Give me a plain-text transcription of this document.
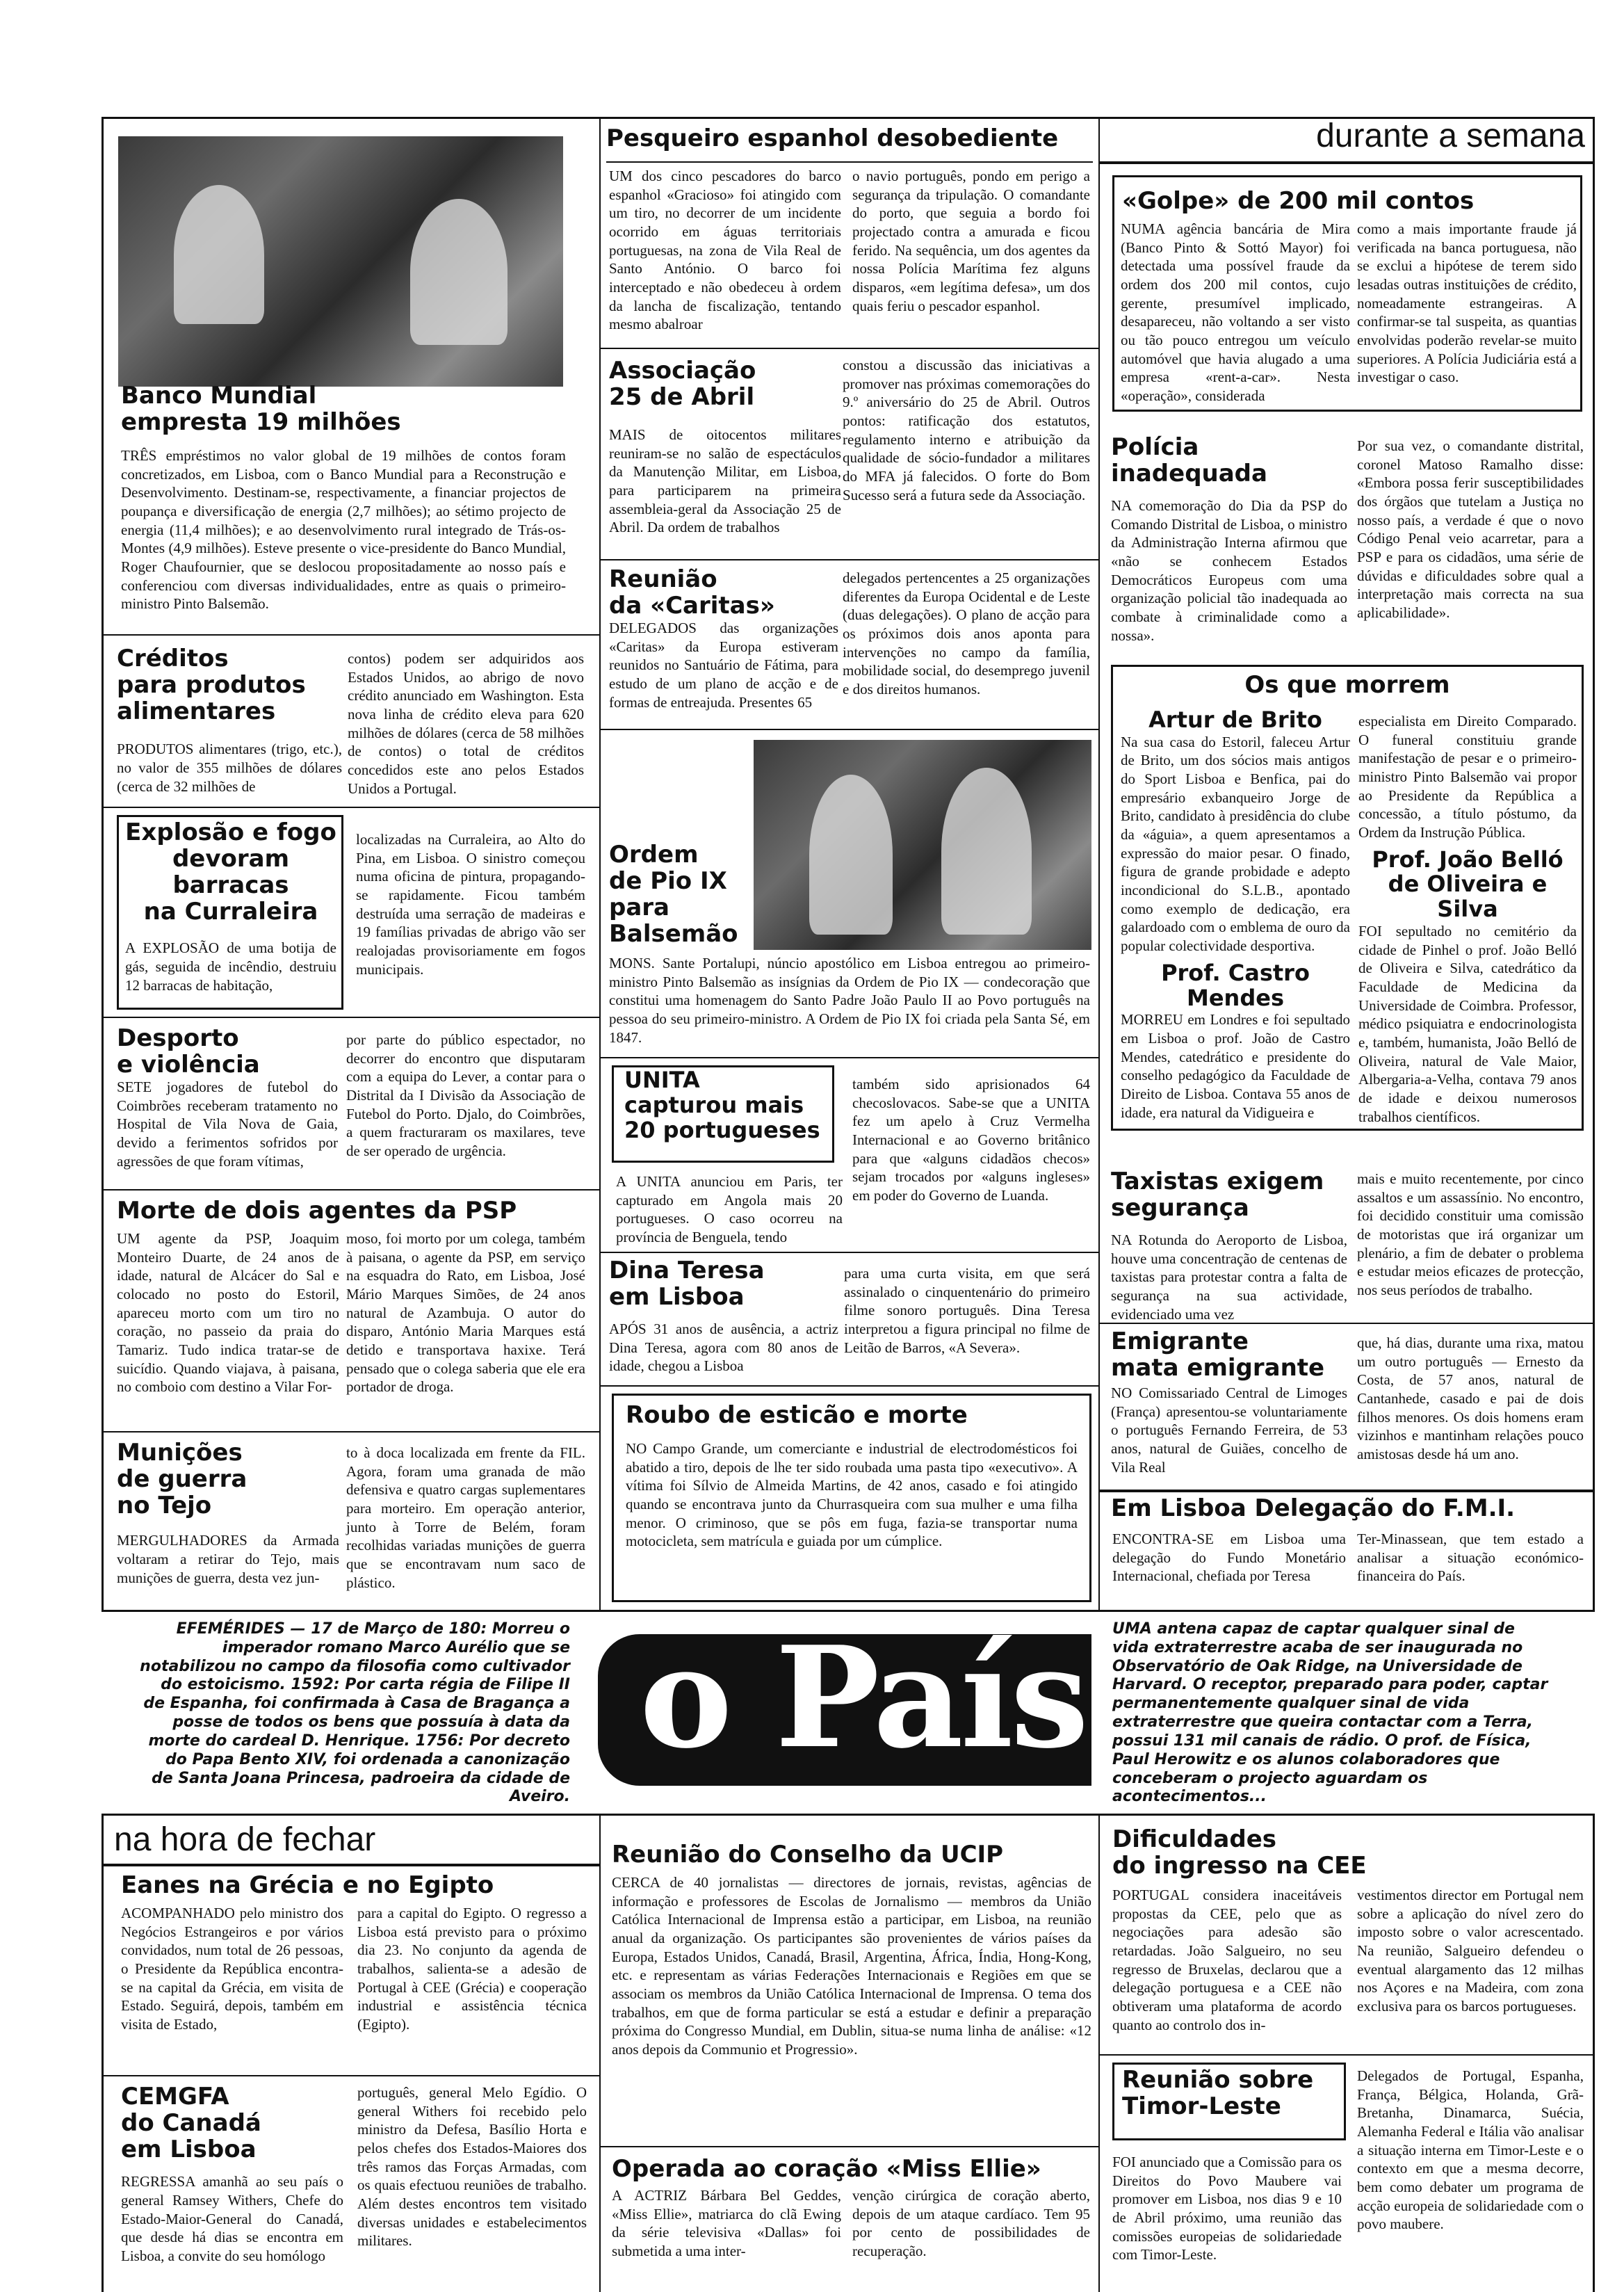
Banco Mundial

empresta 19 milhões

TRÊS empréstimos no valor global de 19 milhões de contos foram concretizados, em Lisboa, com o Banco Mundial para a Reconstrução e Desenvolvimento. Destinam-se, respectivamente, a financiar projectos de poupança e diversificação de energia (2,7 milhões); ao sétimo projecto de energia (11,4 milhões); e ao desenvolvimento rural integrado de Trás-os-Montes (4,9 milhões). Esteve presente o vice-presidente do Banco Mundial, Roger Chaufournier, que se deslocou propositadamente ao nosso país e conferenciou com diversas individualidades, entre as quais o primeiro-ministro Pinto Balsemão.

Créditos

para produtos

alimentares

PRODUTOS alimentares (trigo, etc.), no valor de 355 milhões de dólares (cerca de 32 milhões de

contos) podem ser adquiridos aos Estados Unidos, ao abrigo de novo crédito anunciado em Washington. Esta nova linha de crédito eleva para 620 milhões de dólares (cerca de 58 milhões de contos) o total de créditos concedidos este ano pelos Estados Unidos a Portugal.

Explosão e fogo

devoram

barracas

na Curraleira

A EXPLOSÃO de uma botija de gás, seguida de incêndio, destruiu 12 barracas de habitação,

localizadas na Curraleira, ao Alto do Pina, em Lisboa. O sinistro começou numa oficina de pintura, propagando-se rapidamente. Ficou também destruída uma serração de madeiras e 19 famílias privadas de abrigo vão ser realojadas provisoriamente em fogos municipais.

Desporto

e violência

SETE jogadores de futebol do Coimbrões receberam tratamento no Hospital de Vila Nova de Gaia, devido a ferimentos sofridos por agressões de que foram vítimas,

por parte do público espectador, no decorrer do encontro que disputaram com a equipa do Lever, a contar para o Distrital da I Divisão da Associação de Futebol do Porto. Djalo, do Coimbrões, a quem fracturaram os maxilares, teve de ser operado de urgência.

Morte de dois agentes da PSP

UM agente da PSP, Joaquim Monteiro Duarte, de 24 anos de idade, natural de Alcácer do Sal e colocado no posto do Estoril, apareceu morto com um tiro no coração, no passeio da praia do Tamariz. Tudo indica tratar-se de suicídio. Quando viajava, à paisana, no comboio com destino a Vilar For-

moso, foi morto por um colega, também à paisana, o agente da PSP, em serviço na esquadra do Rato, em Lisboa, José Mário Marques Simões, de 24 anos natural de Azambuja. O autor do disparo, António Maria Marques está detido e transportava haxixe. Terá pensado que o colega saberia que ele era portador de droga.

Munições

de guerra

no Tejo

MERGULHADORES da Armada voltaram a retirar do Tejo, mais munições de guerra, desta vez jun-

to à doca localizada em frente da FIL. Agora, foram uma granada de mão defensiva e quatro cargas suplementares para morteiro. Em operação anterior, junto à Torre de Belém, foram recolhidas variadas munições de guerra que se encontravam num saco de plástico.

Pesqueiro espanhol desobediente

UM dos cinco pescadores do barco espanhol «Gracioso» foi atingido com um tiro, no decorrer de um incidente ocorrido em águas territoriais portuguesas, na zona de Vila Real de Santo António. O barco foi interceptado e não obedeceu à ordem da lancha de fiscalização, tentando mesmo abalroar

o navio português, pondo em perigo a segurança da tripulação. O comandante do porto, que seguia a bordo foi projectado contra a amurada e ficou ferido. Na sequência, um dos agentes da nossa Polícia Marítima fez alguns disparos, «em legítima defesa», um dos quais feriu o pescador espanhol.

Associação

25 de Abril

MAIS de oitocentos militares reuniram-se no salão de espectáculos da Manutenção Militar, em Lisboa, para participarem na primeira assembleia-geral da Associação 25 de Abril. Da ordem de trabalhos

constou a discussão das iniciativas a promover nas próximas comemorações do 9.º aniversário do 25 de Abril. Outros pontos: ratificação dos estatutos, regulamento interno e atribuição da qualidade de sócio-fundador a militares do MFA já falecidos. O forte do Bom Sucesso será a futura sede da Associação.

Reunião

da «Caritas»

DELEGADOS das organizações «Caritas» da Europa estiveram reunidos no Santuário de Fátima, para estudo de um plano de acção e de formas de entreajuda. Presentes 65

delegados pertencentes a 25 organizações diferentes da Europa Ocidental e de Leste (duas delegações). O plano de acção para os próximos dois anos aponta para intervenções no campo da família, mobilidade social, do desemprego juvenil e dos direitos humanos.

Ordem

de Pio IX

para

Balsemão

MONS. Sante Portalupi, núncio apostólico em Lisboa entregou ao primeiro-ministro Pinto Balsemão as insígnias da Ordem de Pio IX — condecoração que constitui uma homenagem do Santo Padre João Paulo II ao Povo português na pessoa do seu primeiro-ministro. A Ordem de Pio IX foi criada pela Santa Sé, em 1847.

UNITA

capturou mais

20 portugueses

A UNITA anunciou em Paris, ter capturado em Angola mais 20 portugueses. O caso ocorreu na província de Benguela, tendo

também sido aprisionados 64 checoslovacos. Sabe-se que a UNITA fez um apelo à Cruz Vermelha Internacional e ao Governo britânico para que «alguns cidadãos checos» sejam trocados por «alguns ingleses» em poder do Governo de Luanda.

Dina Teresa

em Lisboa

APÓS 31 anos de ausência, a actriz Dina Teresa, agora com 80 anos de idade, chegou a Lisboa

para uma curta visita, em que será assinalado o cinquentenário do primeiro filme sonoro português. Dina Teresa interpretou a figura principal no filme de Leitão de Barros, «A Severa».

Roubo de esticão e morte

NO Campo Grande, um comerciante e industrial de electrodomésticos foi abatido a tiro, depois de lhe ter sido roubada uma pasta tipo «executivo». A vítima foi Sílvio de Almeida Martins, de 42 anos, casado e foi atingido quando se encontrava junto da Churrasqueira com sua mulher e uma filha menor. O criminoso, que se pôs em fuga, fazia-se transportar numa motocicleta, sem matrícula e guiada por um cúmplice.

durante a semana

«Golpe» de 200 mil contos

NUMA agência bancária de Mira (Banco Pinto & Sottó Mayor) foi detectada uma possível fraude da ordem dos 200 mil contos, cujo gerente, presumível implicado, desapareceu, não voltando a ser visto ou tão pouco entregou um veículo automóvel que havia alugado a uma empresa «rent-a-car». Nesta «operação», considerada

como a mais importante fraude já verificada na banca portuguesa, não se exclui a hipótese de terem sido lesadas outras instituições de crédito, nomeadamente estrangeiras. A confirmar-se tal suspeita, as quantias envolvidas poderão revelar-se muito superiores. A Polícia Judiciária está a investigar o caso.

Polícia

inadequada

NA comemoração do Dia da PSP do Comando Distrital de Lisboa, o ministro da Administração Interna afirmou que «não se conhecem Estados Democráticos Europeus com uma organização policial tão inadequada ao combate à criminalidade como a nossa».

Por sua vez, o comandante distrital, coronel Matoso Ramalho disse: «Embora possa ferir susceptibilidades dos órgãos que tutelam a Justiça no nosso país, a verdade é que o novo Código Penal veio acarretar, para a PSP e para os cidadãos, uma série de dúvidas e dificuldades sobre qual a interpretação mais correcta na sua aplicabilidade».

Os que morrem

Artur de Brito

Na sua casa do Estoril, faleceu Artur de Brito, um dos sócios mais antigos do Sport Lisboa e Benfica, pai do empresário exbanqueiro Jorge de Brito, candidato à presidência do clube da «águia», a quem apresentamos a expressão do maior pesar. O finado, figura de grande probidade e adepto incondicional do S.L.B., apontado como exemplo de dedicação, era galardoado com o emblema de ouro da popular colectividade desportiva.

Prof. Castro Mendes

MORREU em Londres e foi sepultado em Lisboa o prof. João de Castro Mendes, catedrático e presidente do conselho pedagógico da Faculdade de Direito de Lisboa. Contava 55 anos de idade, era natural da Vidigueira e

especialista em Direito Comparado. O funeral constituiu grande manifestação de pesar e o primeiro-ministro Pinto Balsemão vai propor ao Presidente da República a concessão, a título póstumo, da Ordem da Instrução Pública.

Prof. João Belló

de Oliveira e Silva

FOI sepultado no cemitério da cidade de Pinhel o prof. João Belló de Oliveira e Silva, catedrático da Faculdade de Medicina da Universidade de Coimbra. Professor, médico psiquiatra e endocrinologista e, também, humanista, João Belló de Oliveira, natural de Vale Maior, Albergaria-a-Velha, contava 79 anos de idade e deixou numerosos trabalhos científicos.

Taxistas exigem

segurança

NA Rotunda do Aeroporto de Lisboa, houve uma concentração de centenas de taxistas para protestar contra a falta de segurança na sua actividade, evidenciado uma vez

mais e muito recentemente, por cinco assaltos e um assassínio. No encontro, foi decidido constituir uma comissão de motoristas que irá organizar um plenário, a fim de debater o problema e estudar meios eficazes de protecção, nos seus períodos de trabalho.

Emigrante

mata emigrante

NO Comissariado Central de Limoges (França) apresentou-se voluntariamente o português Fernando Ferreira, de 53 anos, natural de Guiães, concelho de Vila Real

que, há dias, durante uma rixa, matou um outro português — Ernesto da Costa, de 57 anos, natural de Cantanhede, casado e pai de dois filhos menores. Os dois homens eram vizinhos e mantinham relações pouco amistosas desde há um ano.

Em Lisboa Delegação do F.M.I.

ENCONTRA-SE em Lisboa uma delegação do Fundo Monetário Internacional, chefiada por Teresa

Ter-Minassean, que tem estado a analisar a situação económico-financeira do País.

EFEMÉRIDES — 17 de Março de 180: Morreu o imperador romano Marco Aurélio que se notabilizou no campo da filosofia como cultivador do estoicismo. 1592: Por carta régia de Filipe II de Espanha, foi confirmada à Casa de Bragança a posse de todos os bens que possuía à data da morte do cardeal D. Henrique. 1756: Por decreto do Papa Bento XIV, foi ordenada a canonização de Santa Joana Princesa, padroeira da cidade de Aveiro.

o País UMA antena capaz de captar qualquer sinal de vida extraterrestre acaba de ser inaugurada no Observatório de Oak Ridge, na Universidade de Harvard. O receptor, preparado para poder, captar permanentemente qualquer sinal de vida extraterrestre que queira contactar com a Terra, possui 131 mil canais de rádio. O prof. de Física, Paul Herowitz e os alunos colaboradores que conceberam o projecto aguardam os acontecimentos...

na hora de fechar

Eanes na Grécia e no Egipto

ACOMPANHADO pelo ministro dos Negócios Estrangeiros e por vários convidados, num total de 26 pessoas, o Presidente da República encontra-se na capital da Grécia, em visita de Estado. Seguirá, depois, também em visita de Estado,

para a capital do Egipto. O regresso a Lisboa está previsto para o próximo dia 23. No conjunto da agenda de trabalhos, salienta-se a adesão de Portugal à CEE (Grécia) e cooperação industrial e assistência técnica (Egipto).

CEMGFA

do Canadá

em Lisboa

REGRESSA amanhã ao seu país o general Ramsey Withers, Chefe do Estado-Maior-General do Canadá, que desde há dias se encontra em Lisboa, a convite do seu homólogo

português, general Melo Egídio. O general Withers foi recebido pelo ministro da Defesa, Basílio Horta e pelos chefes dos Estados-Maiores dos três ramos das Forças Armadas, com os quais efectuou reuniões de trabalho. Além destes encontros tem visitado diversas unidades e estabelecimentos militares.

Reunião do Conselho da UCIP

CERCA de 40 jornalistas — directores de jornais, revistas, agências de informação e professores de Escolas de Jornalismo — membros da União Católica Internacional de Imprensa estão a participar, em Lisboa, na reunião anual da organização. Os participantes são provenientes de vários países da Europa, Estados Unidos, Canadá, Brasil, Argentina, África, Índia, Hong-Kong, etc. e representam as várias Federações Internacionais e Regiões em que se associam os membros da União Católica Internacional de Imprensa. O tema dos trabalhos, em que de forma particular se está a estudar e definir a preparação próxima do Congresso Mundial, em Dublin, situa-se numa linha de análise: «12 anos depois da Communio et Progressio».

Operada ao coração «Miss Ellie»

A ACTRIZ Bárbara Bel Geddes, «Miss Ellie», matriarca do clã Ewing da série televisiva «Dallas» foi submetida a uma inter-

venção cirúrgica de coração aberto, depois de um ataque cardíaco. Tem 95 por cento de possibilidades de recuperação.

Dificuldades

do ingresso na CEE

PORTUGAL considera inaceitáveis propostas da CEE, pelo que as negociações para adesão são retardadas. João Salgueiro, no seu regresso de Bruxelas, declarou que a delegação portuguesa e a CEE não obtiveram uma plataforma de acordo quanto ao controlo dos in-

vestimentos director em Portugal nem sobre a aplicação do nível zero do imposto sobre o valor acrescentado. Na reunião, Salgueiro defendeu o eventual alargamento das 12 milhas nos Açores e na Madeira, com zona exclusiva para os barcos portugueses.

Reunião sobre

Timor-Leste

FOI anunciado que a Comissão para os Direitos do Povo Maubere vai promover em Lisboa, nos dias 9 e 10 de Abril próximo, uma reunião das comissões europeias de solidariedade com Timor-Leste.

Delegados de Portugal, Espanha, França, Bélgica, Holanda, Grã-Bretanha, Dinamarca, Suécia, Alemanha Federal e Itália vão analisar a situação interna em Timor-Leste e o contexto em que a mesma decorre, bem como debater um programa de acção europeia de solidariedade com o povo maubere.
